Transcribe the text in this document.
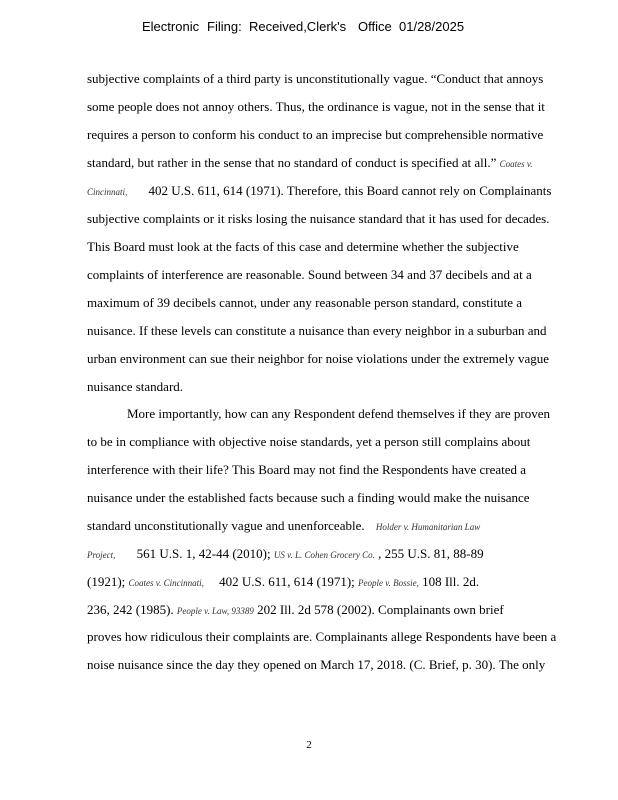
Electronic Filing: Received,Clerk's Office 01/28/2025
subjective complaints of a third party is unconstitutionally vague. “Conduct that annoys
some people does not annoy others. Thus, the ordinance is vague, not in the sense that it
requires a person to conform his conduct to an imprecise but comprehensible normative
standard, but rather in the sense that no standard of conduct is specified at all.” Coates v.
Cincinnati, 402 U.S. 611, 614 (1971). Therefore, this Board cannot rely on Complainants
subjective complaints or it risks losing the nuisance standard that it has used for decades.
This Board must look at the facts of this case and determine whether the subjective
complaints of interference are reasonable. Sound between 34 and 37 decibels and at a
maximum of 39 decibels cannot, under any reasonable person standard, constitute a
nuisance. If these levels can constitute a nuisance than every neighbor in a suburban and
urban environment can sue their neighbor for noise violations under the extremely vague
nuisance standard.
More importantly, how can any Respondent defend themselves if they are proven
to be in compliance with objective noise standards, yet a person still complains about
interference with their life? This Board may not find the Respondents have created a
nuisance under the established facts because such a finding would make the nuisance
standard unconstitutionally vague and unenforceable. Holder v. Humanitarian Law
Project, 561 U.S. 1, 42-44 (2010); US v. L. Cohen Grocery Co. , 255 U.S. 81, 88-89
(1921); Coates v. Cincinnati, 402 U.S. 611, 614 (1971); People v. Bossie, 108 Ill. 2d.
236, 242 (1985). People v. Law, 93389 202 Ill. 2d 578 (2002). Complainants own brief
proves how ridiculous their complaints are. Complainants allege Respondents have been a
noise nuisance since the day they opened on March 17, 2018. (C. Brief, p. 30). The only
2
